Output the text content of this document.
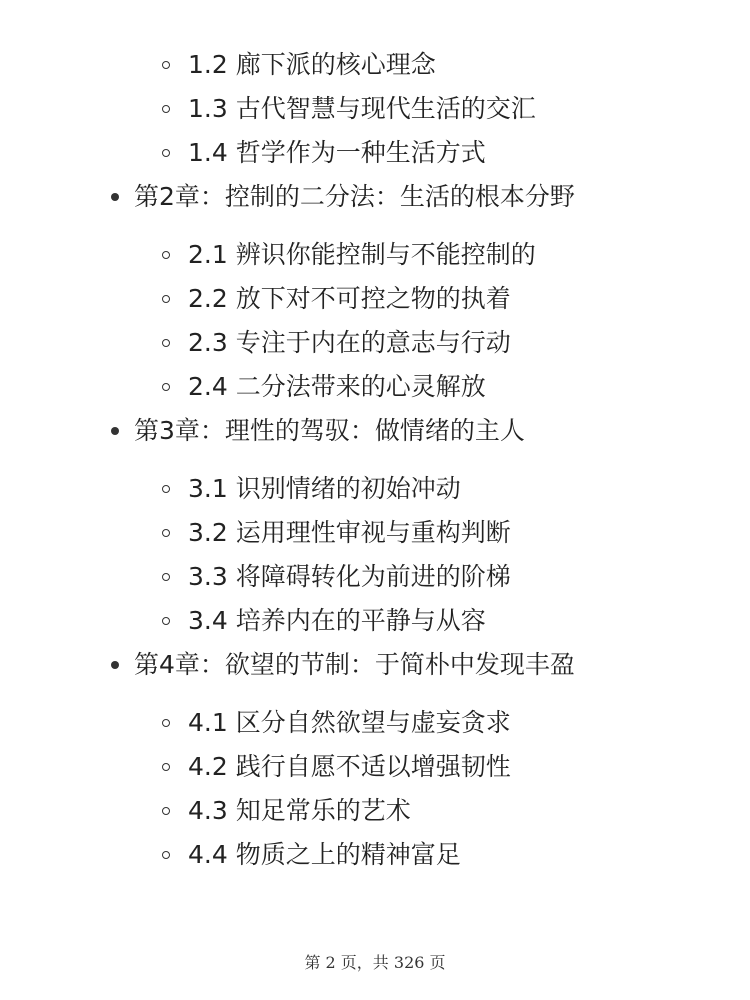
1.2 廊下派的核心理念
1.3 古代智慧与现代生活的交汇
1.4 哲学作为一种生活方式
第2章：控制的二分法：生活的根本分野
2.1 辨识你能控制与不能控制的
2.2 放下对不可控之物的执着
2.3 专注于内在的意志与行动
2.4 二分法带来的心灵解放
第3章：理性的驾驭：做情绪的主人
3.1 识别情绪的初始冲动
3.2 运用理性审视与重构判断
3.3 将障碍转化为前进的阶梯
3.4 培养内在的平静与从容
第4章：欲望的节制：于简朴中发现丰盈
4.1 区分自然欲望与虚妄贪求
4.2 践行自愿不适以增强韧性
4.3 知足常乐的艺术
4.4 物质之上的精神富足
第 2 页，共 326 页
